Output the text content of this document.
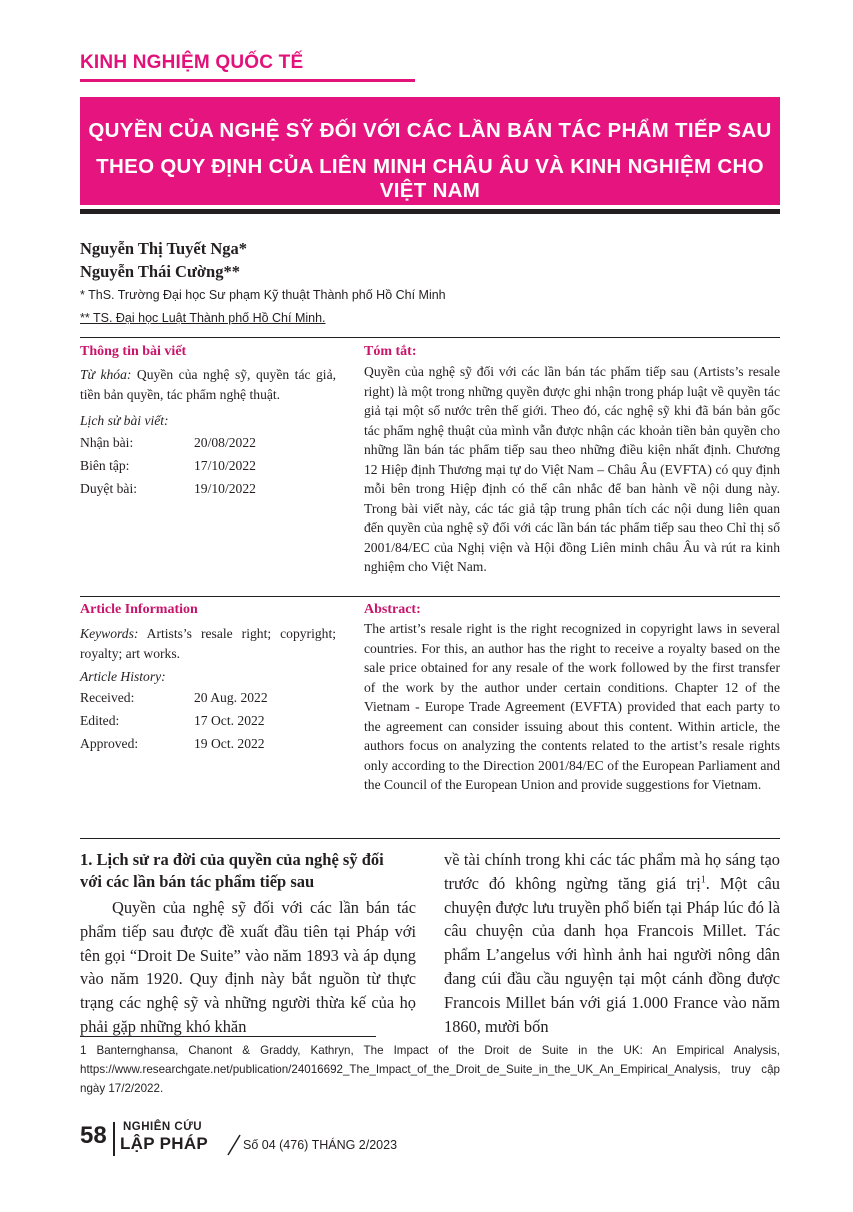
KINH NGHIỆM QUỐC TẾ
QUYỀN CỦA NGHỆ SỸ ĐỐI VỚI CÁC LẦN BÁN TÁC PHẨM TIẾP SAU
THEO QUY ĐỊNH CỦA LIÊN MINH CHÂU ÂU VÀ KINH NGHIỆM CHO VIỆT NAM
Nguyễn Thị Tuyết Nga*
Nguyễn Thái Cường**
* ThS. Trường Đại học Sư phạm Kỹ thuật Thành phố Hồ Chí Minh
** TS. Đại học Luật Thành phố Hồ Chí Minh.
Thông tin bài viết
Từ khóa: Quyền của nghệ sỹ, quyền tác giả, tiền bản quyền, tác phẩm nghệ thuật.
Lịch sử bài viết:
Nhận bài:	20/08/2022
Biên tập:	17/10/2022
Duyệt bài:	19/10/2022
Tóm tắt:
Quyền của nghệ sỹ đối với các lần bán tác phẩm tiếp sau (Artists’s resale right) là một trong những quyền được ghi nhận trong pháp luật về quyền tác giả tại một số nước trên thế giới. Theo đó, các nghệ sỹ khi đã bán bản gốc tác phẩm nghệ thuật của mình vẫn được nhận các khoản tiền bản quyền cho những lần bán tác phẩm tiếp sau theo những điều kiện nhất định. Chương 12 Hiệp định Thương mại tự do Việt Nam – Châu Âu (EVFTA) có quy định mỗi bên trong Hiệp định có thể cân nhắc để ban hành về nội dung này. Trong bài viết này, các tác giả tập trung phân tích các nội dung liên quan đến quyền của nghệ sỹ đối với các lần bán tác phẩm tiếp sau theo Chỉ thị số 2001/84/EC của Nghị viện và Hội đồng Liên minh châu Âu và rút ra kinh nghiệm cho Việt Nam.
Article Information
Keywords: Artists’s resale right; copyright; royalty; art works.
Article History:
Received:	20 Aug. 2022
Edited:	17 Oct. 2022
Approved:	19 Oct. 2022
Abstract:
The artist’s resale right is the right recognized in copyright laws in several countries. For this, an author has the right to receive a royalty based on the sale price obtained for any resale of the work followed by the first transfer of the work by the author under certain conditions. Chapter 12 of the Vietnam - Europe Trade Agreement (EVFTA) provided that each party to the agreement can consider issuing about this content. Within article, the authors focus on analyzing the contents related to the artist’s resale rights only according to the Direction 2001/84/EC of the European Parliament and the Council of the European Union and provide suggestions for Vietnam.
1. Lịch sử ra đời của quyền của nghệ sỹ đối với các lần bán tác phẩm tiếp sau
Quyền của nghệ sỹ đối với các lần bán tác phẩm tiếp sau được đề xuất đầu tiên tại Pháp với tên gọi “Droit De Suite” vào năm 1893 và áp dụng vào năm 1920. Quy định này bắt nguồn từ thực trạng các nghệ sỹ và những người thừa kế của họ phải gặp những khó khăn
về tài chính trong khi các tác phẩm mà họ sáng tạo trước đó không ngừng tăng giá trị$^1$. Một câu chuyện được lưu truyền phổ biến tại Pháp lúc đó là câu chuyện của danh họa Francois Millet. Tác phẩm L’angelus với hình ảnh hai người nông dân đang cúi đầu cầu nguyện tại một cánh đồng được Francois Millet bán với giá 1.000 France vào năm 1860, mười bốn
1 Banternghansa, Chanont & Graddy, Kathryn, The Impact of the Droit de Suite in the UK: An Empirical Analysis, https://www.researchgate.net/publication/24016692_The_Impact_of_the_Droit_de_Suite_in_the_UK_An_Empirical_Analysis, truy cập ngày 17/2/2022.
58 NGHIÊN CỨU
LẬP PHÁP	Số 04 (476) THÁNG 2/2023
